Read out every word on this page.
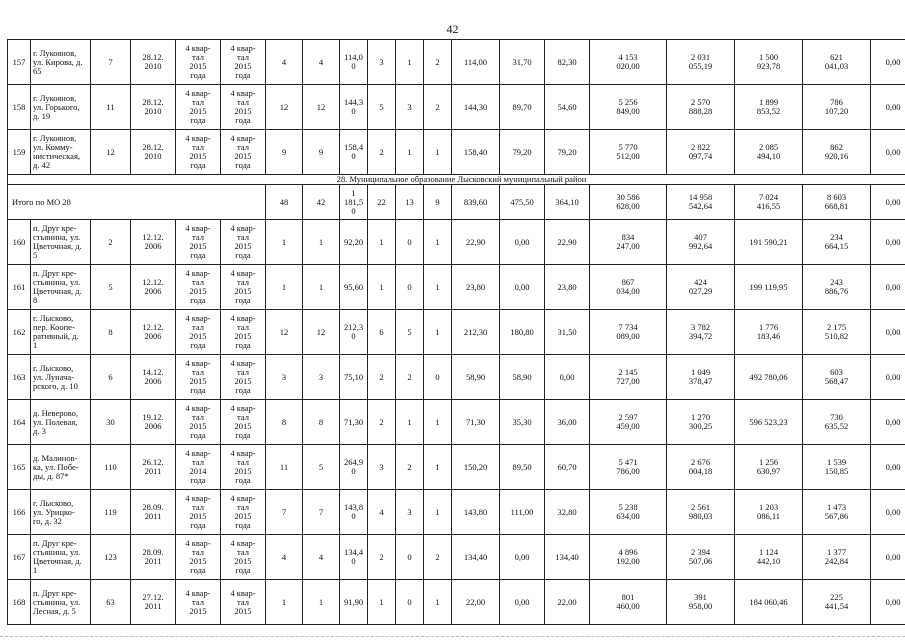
42
157	г. Лукоянов,
ул. Кирова, д.
65	7	28.12.
2010	4 квар-
тал
2015
года	4 квар-
тал
2015
года	4	4	114,0
0	3	1	2	114,00	31,70	82,30	4 153
020,00	2 031
055,19	1 500
923,78	621
041,03	0,00
158	г. Лукоянов,
ул. Горького,
д. 19	11	28.12.
2010	4 квар-
тал
2015
года	4 квар-
тал
2015
года	12	12	144,3
0	5	3	2	144,30	89,70	54,60	5 256
849,00	2 570
888,28	1 899
853,52	786
107,20	0,00
159	г. Лукоянов,
ул. Комму-
нистическая,
д. 42	12	28.12.
2010	4 квар-
тал
2015
года	4 квар-
тал
2015
года	9	9	158,4
0	2	1	1	158,40	79,20	79,20	5 770
512,00	2 822
097,74	2 085
494,10	862
920,16	0,00
28. Муниципальное образование Лысковский муниципальный район																			
Итого по МО 28						48	42	1
181,5
0	22	13	9	839,60	475,50	364,10	30 586
628,00	14 958
542,64	7 024
416,55	8 603
668,81	0,00
160	п. Друг кре-
стьянина, ул.
Цветочная, д.
5	2	12.12.
2006	4 квар-
тал
2015
года	4 квар-
тал
2015
года	1	1	92,20	1	0	1	22,90	0,00	22,90	834
247,00	407
992,64	191 590,21	234
664,15	0,00
161	п. Друг кре-
стьянина, ул.
Цветочная, д.
8	5	12.12.
2006	4 квар-
тал
2015
года	4 квар-
тал
2015
года	1	1	95,60	1	0	1	23,80	0,00	23,80	867
034,00	424
027,29	199 119,95	243
886,76	0,00
162	г. Лысково,
пер. Коопе-
ративный, д.
1	8	12.12.
2006	4 квар-
тал
2015
года	4 квар-
тал
2015
года	12	12	212,3
0	6	5	1	212,30	180,80	31,50	7 734
089,00	3 782
394,72	1 776
183,46	2 175
510,82	0,00
163	г. Лысково,
ул. Лунача-
рского, д. 10	6	14.12.
2006	4 квар-
тал
2015
года	4 квар-
тал
2015
года	3	3	75,10	2	2	0	58,90	58,90	0,00	2 145
727,00	1 049
378,47	492 780,06	603
568,47	0,00
164	д. Неверово,
ул. Полевая,
д. 3	30	19.12.
2006	4 квар-
тал
2015
года	4 квар-
тал
2015
года	8	8	71,30	2	1	1	71,30	35,30	36,00	2 597
459,00	1 270
300,25	596 523,23	730
635,52	0,00
165	д. Малинов-
ка, ул. Побе-
ды, д. 87*	110	26.12.
2011	4 квар-
тал
2014
года	4 квар-
тал
2015
года	11	5	264,9
0	3	2	1	150,20	89,50	60,70	5 471
786,00	2 676
004,18	1 256
630,97	1 539
150,85	0,00
166	г. Лысково,
ул. Урицко-
го, д. 32	119	28.09.
2011	4 квар-
тал
2015
года	4 квар-
тал
2015
года	7	7	143,8
0	4	3	1	143,80	111,00	32,80	5 238
634,00	2 561
980,03	1 203
086,11	1 473
567,86	0,00
167	п. Друг кре-
стьянина, ул.
Цветочная, д.
1	123	28.09.
2011	4 квар-
тал
2015
года	4 квар-
тал
2015
года	4	4	134,4
0	2	0	2	134,40	0,00	134,40	4 896
192,00	2 394
507,06	1 124
442,10	1 377
242,84	0,00
168	п. Друг кре-
стьянина, ул.
Лесная, д. 5	63	27.12.
2011	4 квар-
тал
2015	4 квар-
тал
2015	1	1	91,90	1	0	1	22,00	0,00	22,00	801
460,00	391
958,00	184 060,46	225
441,54	0,00
